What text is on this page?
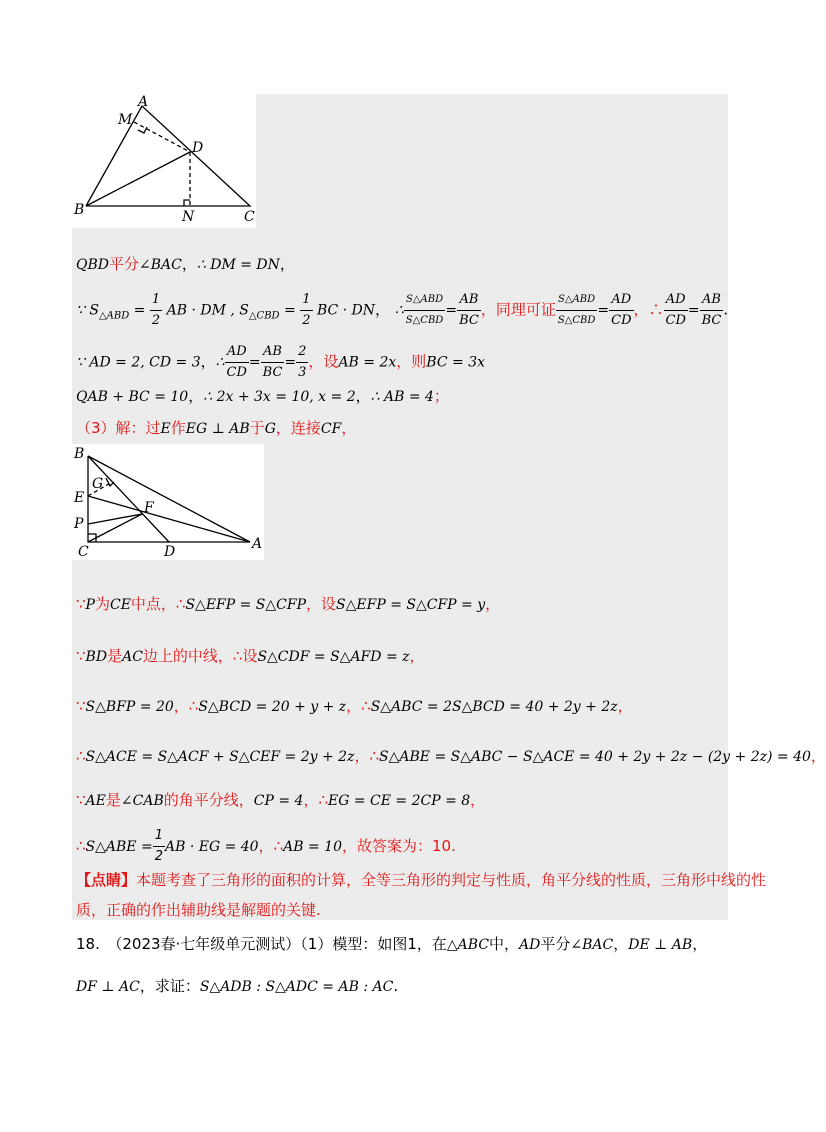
A
M
D
B	N	C
QBD平分∠BAC，∴ DM = DN，
∵ $S_{\triangle ABD} = \frac{1}{2}$ AB · DM , $S_{\triangle CBD} = \frac{1}{2}$ BC · DN， ∴ $\frac{\text{S△ABD}}{\text{S△CBD}} = \frac{AB}{BC}$ ，同理可证 $\frac{\text{S△ABD}}{\text{S△CBD}} = \frac{AD}{CD}$ ，∴ $\frac{AD}{CD} = \frac{AB}{BC}$ .
∵ AD = 2, CD = 3，∴ $\frac{AD}{CD} = \frac{AB}{BC} = \frac{2}{3}$ ，设AB = 2x，则BC = 3x
QAB + BC = 10，∴ 2x + 3x = 10, x = 2，∴ AB = 4；
（3）解：过E作EG ⊥ AB于G，连接CF，
B
G
E
F
P
C	D	A
∵P为CE中点，∴S△EFP = S△CFP，设S△EFP = S△CFP = y，
∵BD是AC边上的中线，∴设S△CDF = S△AFD = z，
∵S△BFP = 20，∴S△BCD = 20 + y + z，∴S△ABC = 2S△BCD = 40 + 2y + 2z，
∴S△ACE = S△ACF + S△CEF = 2y + 2z，∴S△ABE = S△ABC − S△ACE = 40 + 2y + 2z − (2y + 2z) = 40，
∵AE是∠CAB的角平分线，CP = 4，∴EG = CE = 2CP = 8，
∴S△ABE = $\frac{1}{2}$ AB · EG = 40，∴AB = 10，故答案为：10.
【点睛】本题考查了三角形的面积的计算，全等三角形的判定与性质，角平分线的性质，三角形中线的性
质，正确的作出辅助线是解题的关键.
18.　（2023春·七年级单元测试）（1）模型：如图1，在△ABC中，AD平分∠BAC，DE ⊥ AB，
DF ⊥ AC，求证：S△ADB : S△ADC = AB : AC.
